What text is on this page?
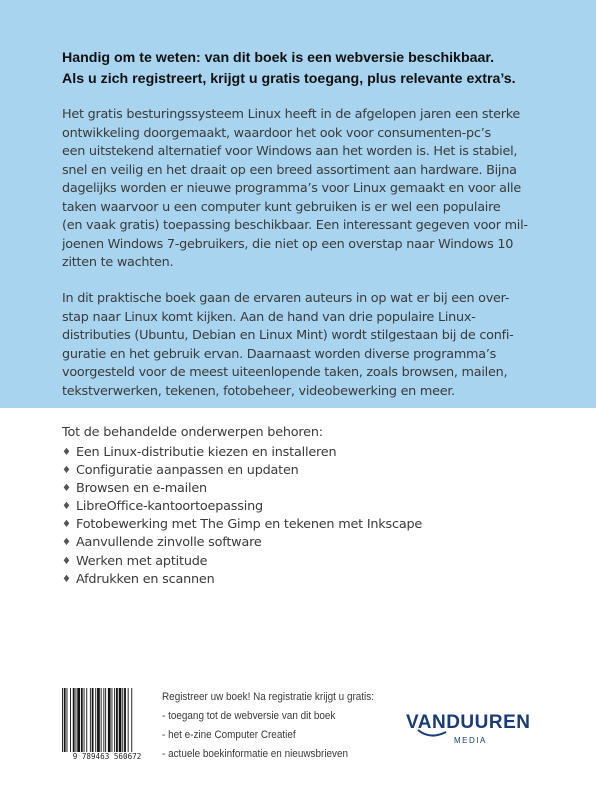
Handig om te weten: van dit boek is een webversie beschikbaar.
Als u zich registreert, krijgt u gratis toegang, plus relevante extra’s.

Het gratis besturingssysteem Linux heeft in de afgelopen jaren een sterke
ontwikkeling doorgemaakt, waardoor het ook voor consumenten-pc’s
een uitstekend alternatief voor Windows aan het worden is. Het is stabiel,
snel en veilig en het draait op een breed assortiment aan hardware. Bijna
dagelijks worden er nieuwe programma’s voor Linux gemaakt en voor alle
taken waarvoor u een computer kunt gebruiken is er wel een populaire
(en vaak gratis) toepassing beschikbaar. Een interessant gegeven voor mil-
joenen Windows 7-gebruikers, die niet op een overstap naar Windows 10
zitten te wachten.

In dit praktische boek gaan de ervaren auteurs in op wat er bij een over-
stap naar Linux komt kijken. Aan de hand van drie populaire Linux-
distributies (Ubuntu, Debian en Linux Mint) wordt stilgestaan bij de confi-
guratie en het gebruik ervan. Daarnaast worden diverse programma’s
voorgesteld voor de meest uiteenlopende taken, zoals browsen, mailen,
tekstverwerken, tekenen, fotobeheer, videobewerking en meer.

Tot de behandelde onderwerpen behoren:

♦ Een Linux-distributie kiezen en installeren
♦ Configuratie aanpassen en updaten
♦ Browsen en e-mailen
♦ LibreOffice-kantoortoepassing
♦ Fotobewerking met The Gimp en tekenen met Inkscape
♦ Aanvullende zinvolle software
♦ Werken met aptitude
♦ Afdrukken en scannen
9 789463 560672
Registreer uw boek! Na registratie krijgt u gratis:
- toegang tot de webversie van dit boek
- het e-zine Computer Creatief
- actuele boekinformatie en nieuwsbrieven
VANDUUREN
MEDIA
